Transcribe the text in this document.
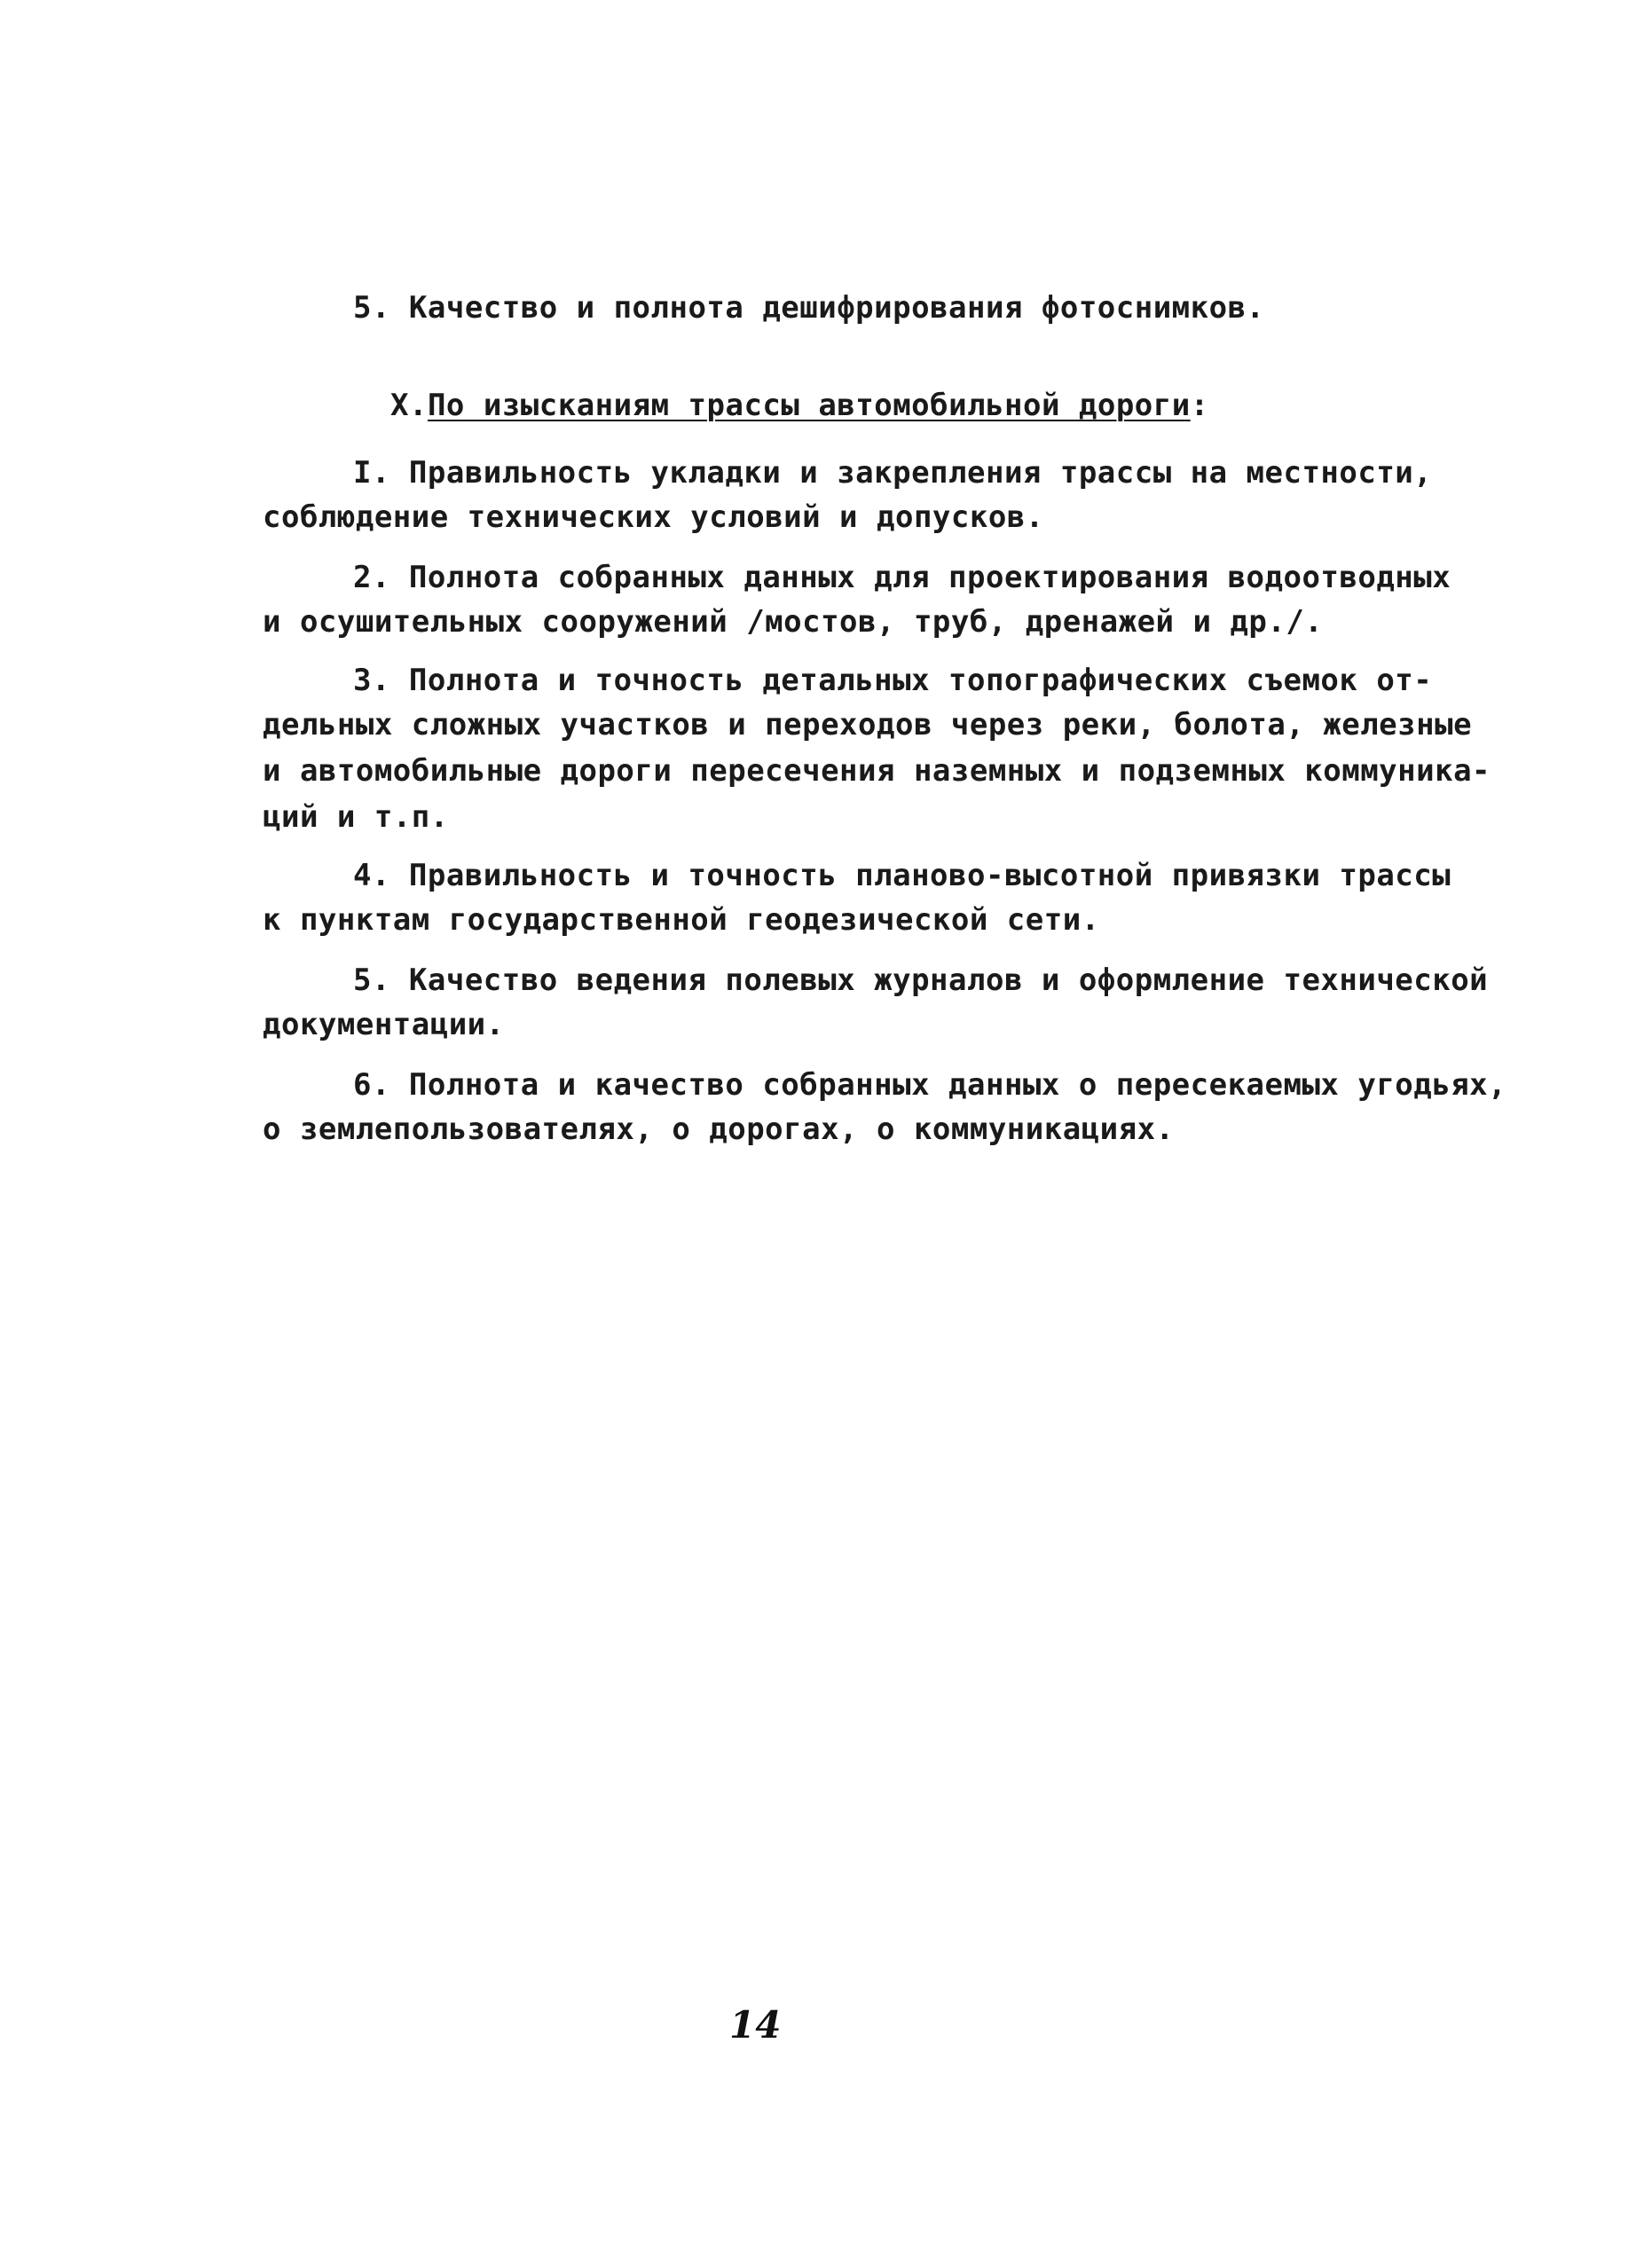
5. Качество и полнота дешифрирования фотоснимков.
Х.По изысканиям трассы автомобильной дороги:
I. Правильность укладки и закрепления трассы на местности,
соблюдение технических условий и допусков.
2. Полнота собранных данных для проектирования водоотводных
и осушительных сооружений /мостов, труб, дренажей и др./.
3. Полнота и точность детальных топографических съемок от-
дельных сложных участков и переходов через реки, болота, железные
и автомобильные дороги пересечения наземных и подземных коммуника-
ций и т.п.
4. Правильность и точность планово-высотной привязки трассы
к пунктам государственной геодезической сети.
5. Качество ведения полевых журналов и оформление технической
документации.
6. Полнота и качество собранных данных о пересекаемых угодьях,
о землепользователях, о дорогах, о коммуникациях.
14
